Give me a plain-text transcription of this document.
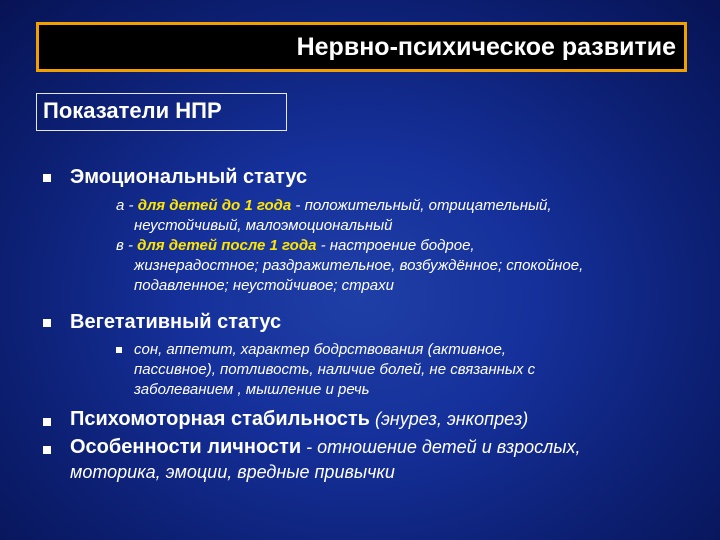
Нервно-психическое развитие
Показатели НПР
Эмоциональный статус
а - для детей до 1 года - положительный, отрицательный,
неустойчивый, малоэмоциональный
в - для детей после 1 года - настроение бодрое,
жизнерадостное; раздражительное, возбуждённое; спокойное,
подавленное; неустойчивое; страхи
Вегетативный статус
сон, аппетит, характер бодрствования (активное,
пассивное), потливость, наличие болей, не связанных с
заболеванием , мышление и речь
Психомоторная стабильность (энурез, энкопрез)
Особенности личности - отношение детей и взрослых,
моторика, эмоции, вредные привычки
